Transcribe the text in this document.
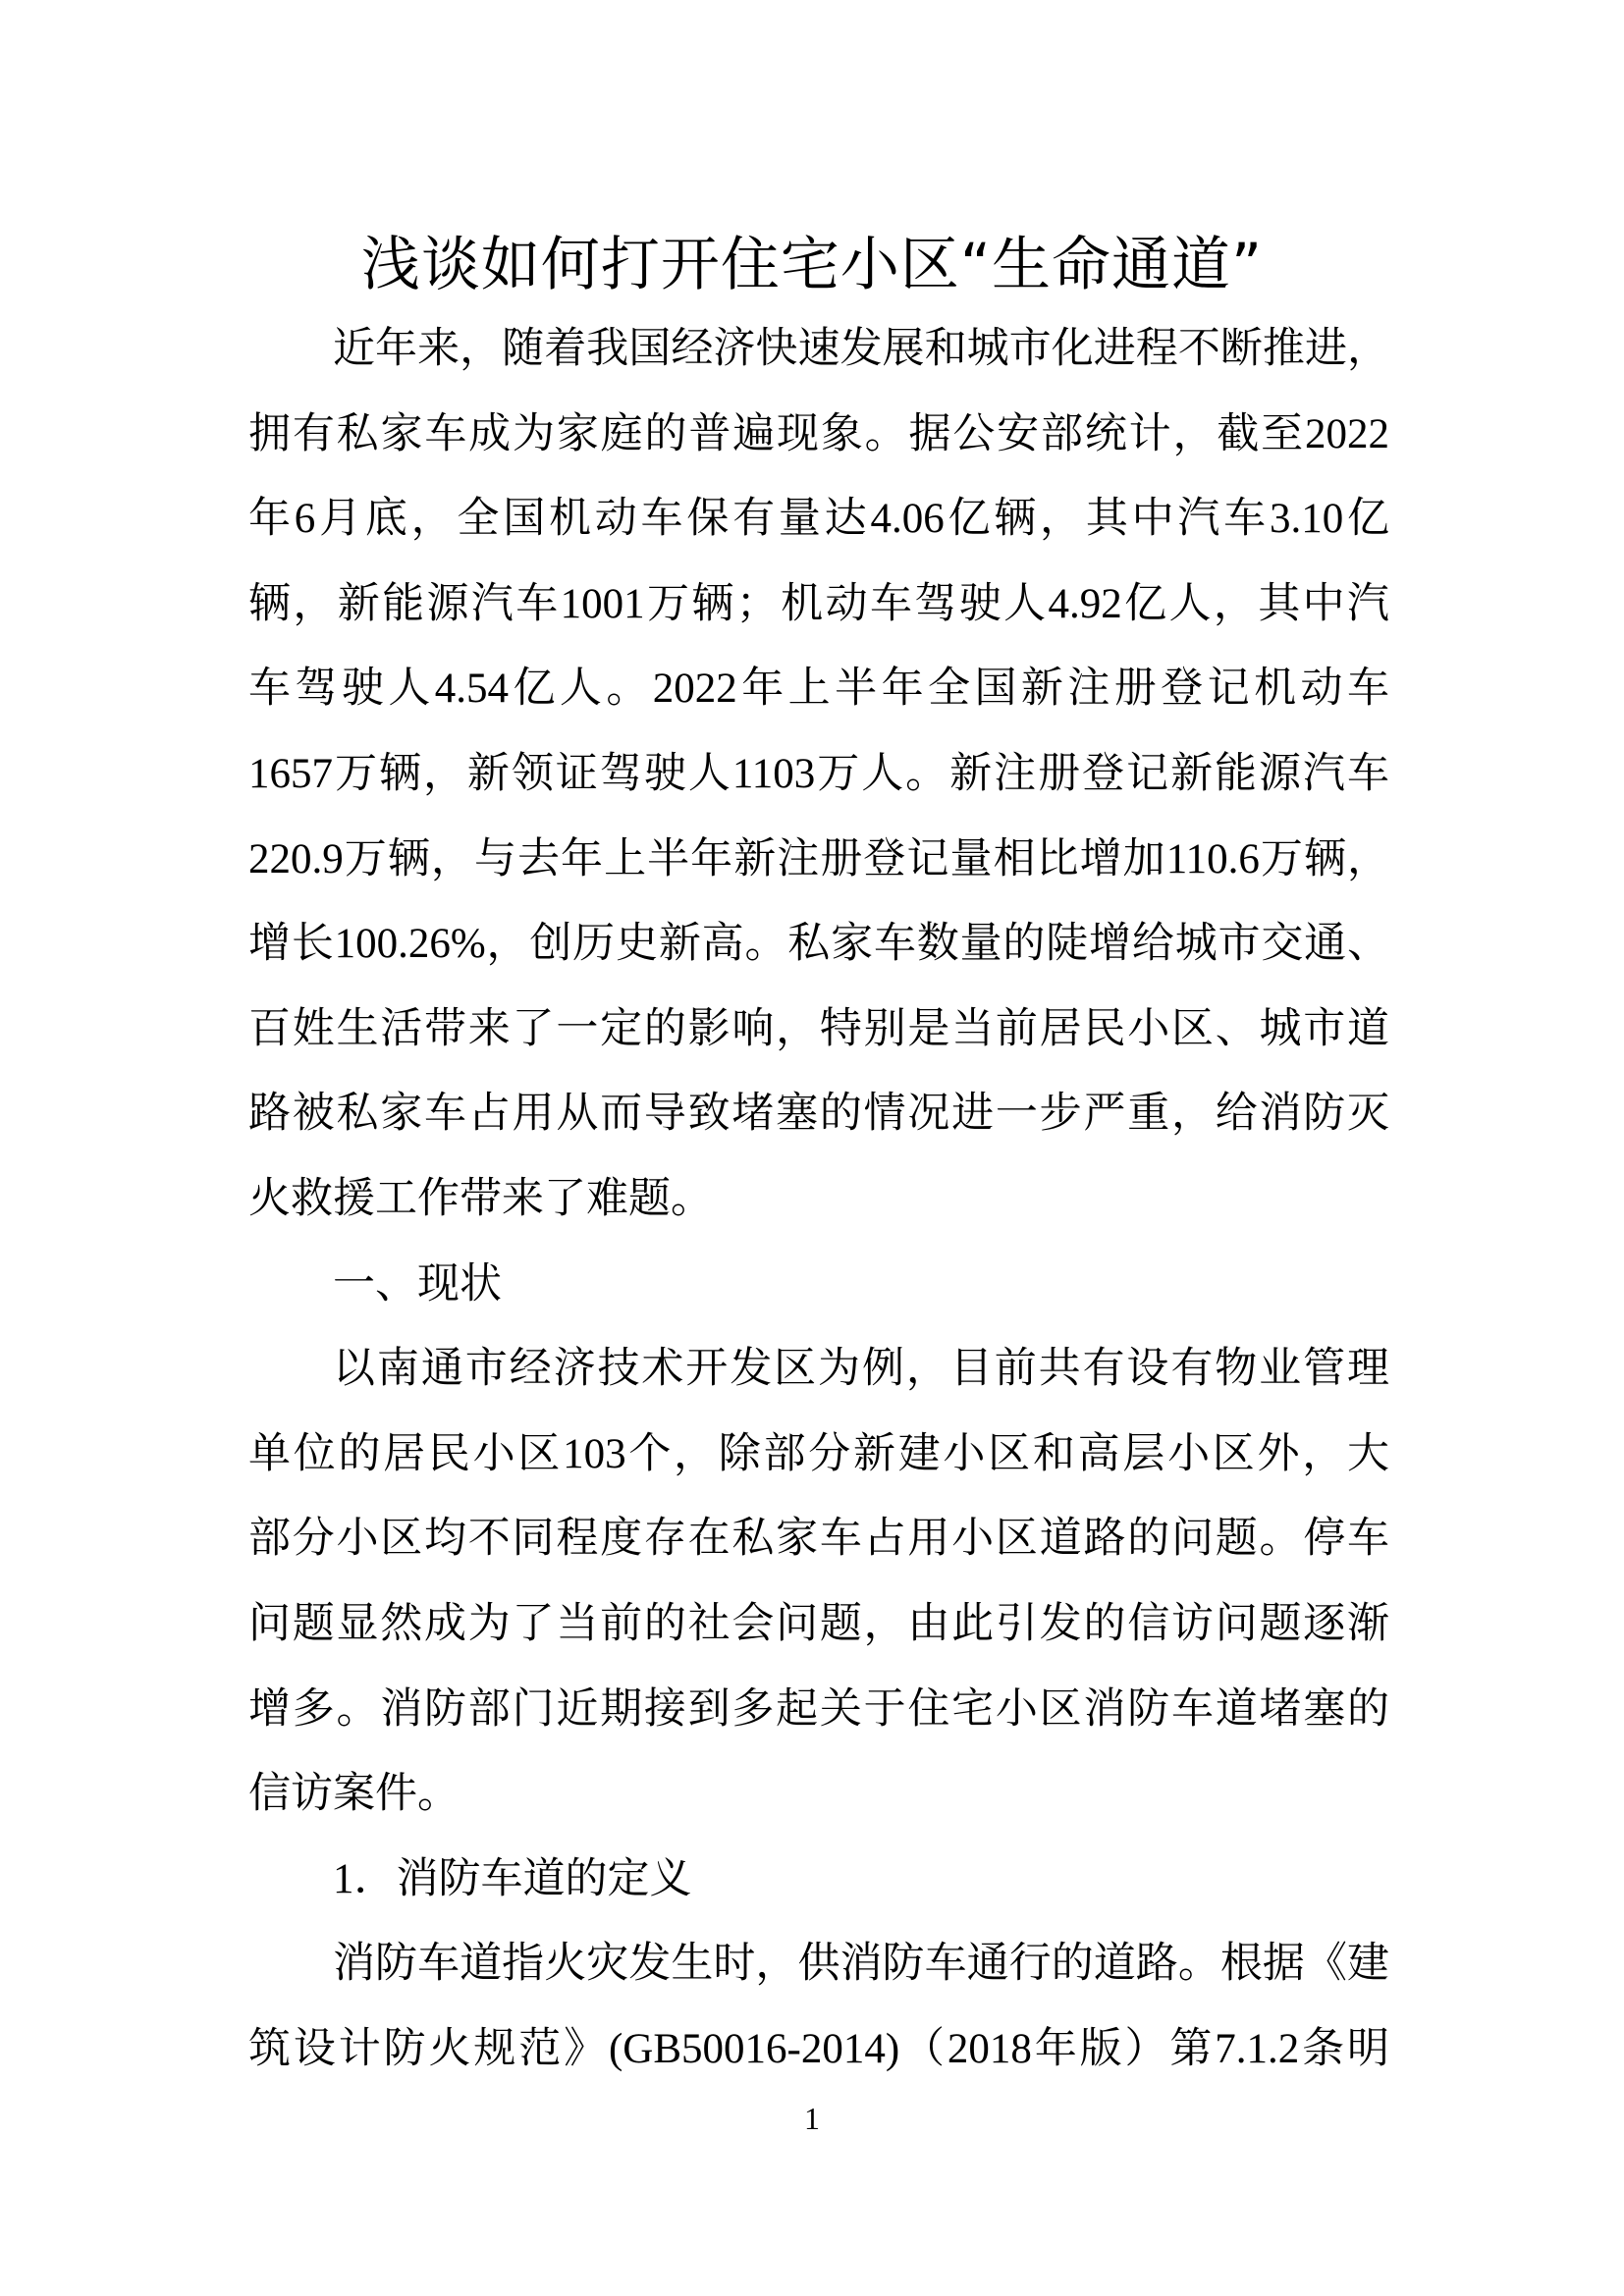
浅谈如何打开住宅小区“生命通道”
近年来，随着我国经济快速发展和城市化进程不断推进，
拥有私家车成为家庭的普遍现象。据公安部统计，截至2022
年6月底，全国机动车保有量达4.06亿辆，其中汽车3.10亿
辆，新能源汽车1001万辆；机动车驾驶人4.92亿人，其中汽
车驾驶人4.54亿人。2022年上半年全国新注册登记机动车
1657万辆，新领证驾驶人1103万人。新注册登记新能源汽车
220.9万辆，与去年上半年新注册登记量相比增加110.6万辆，
增长100.26%，创历史新高。私家车数量的陡增给城市交通、
百姓生活带来了一定的影响，特别是当前居民小区、城市道
路被私家车占用从而导致堵塞的情况进一步严重，给消防灭
火救援工作带来了难题。
一、现状
以南通市经济技术开发区为例，目前共有设有物业管理
单位的居民小区103个，除部分新建小区和高层小区外，大
部分小区均不同程度存在私家车占用小区道路的问题。停车
问题显然成为了当前的社会问题，由此引发的信访问题逐渐
增多。消防部门近期接到多起关于住宅小区消防车道堵塞的
信访案件。
1．消防车道的定义
消防车道指火灾发生时，供消防车通行的道路。根据《建
筑设计防火规范》(GB50016-2014)（2018年版）第7.1.2条明
1
